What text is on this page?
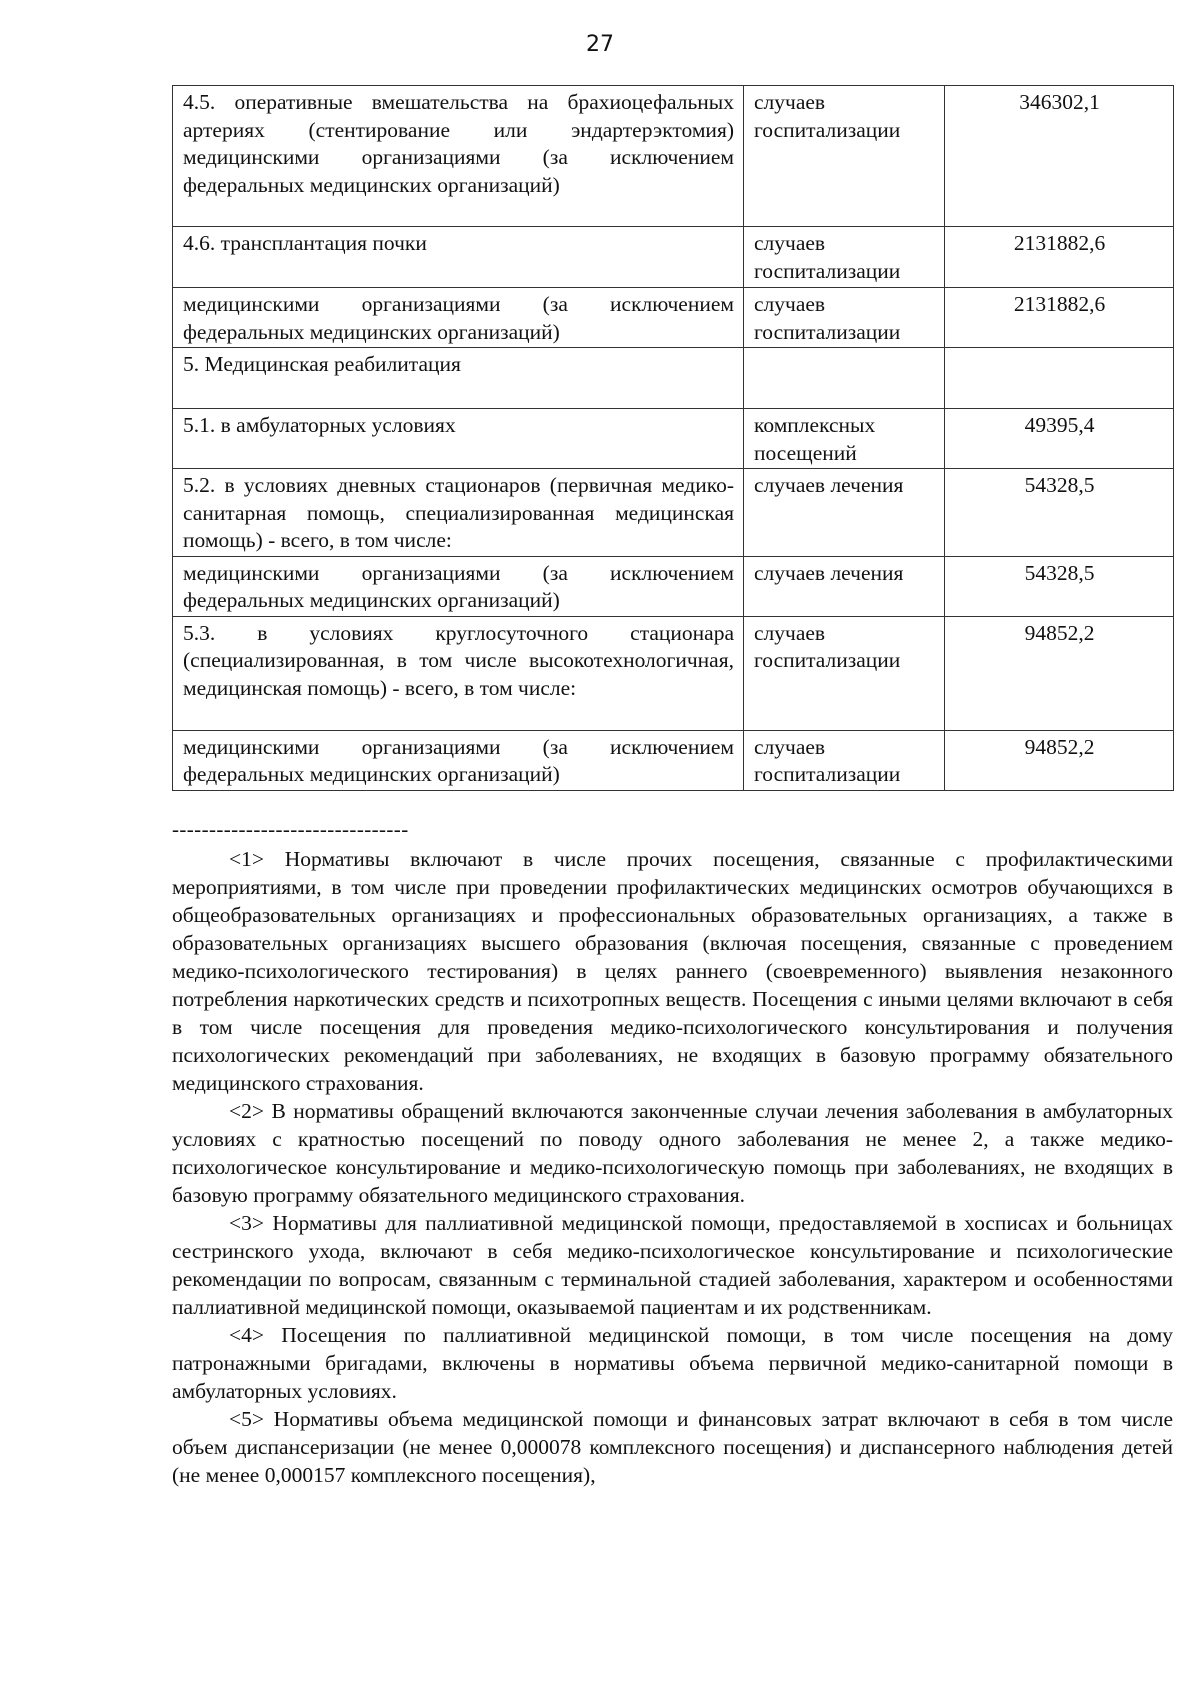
27
4.5. оперативные вмешательства на брахиоцефальных артериях (стентирование или эндартерэктомия) медицинскими организациями (за исключением федеральных медицинских организаций)	случаев госпитализации	346302,1
4.6. трансплантация почки	случаев госпитализации	2131882,6
медицинскими организациями (за исключением федеральных медицинских организаций)	случаев госпитализации	2131882,6
5. Медицинская реабилитация		
5.1. в амбулаторных условиях	комплексных посещений	49395,4
5.2. в условиях дневных стационаров (первичная медико-санитарная помощь, специализированная медицинская помощь) - всего, в том числе:	случаев лечения	54328,5
медицинскими организациями (за исключением федеральных медицинских организаций)	случаев лечения	54328,5
5.3. в условиях круглосуточного стационара (специализированная, в том числе высокотехнологичная, медицинская помощь) - всего, в том числе:	случаев госпитализации	94852,2
медицинскими организациями (за исключением федеральных медицинских организаций)	случаев госпитализации	94852,2
--------------------------------

<1> Нормативы включают в числе прочих посещения, связанные с профилактическими мероприятиями, в том числе при проведении профилактических медицинских осмотров обучающихся в общеобразовательных организациях и профессиональных образовательных организациях, а также в образовательных организациях высшего образования (включая посещения, связанные с проведением медико-психологического тестирования) в целях раннего (своевременного) выявления незаконного потребления наркотических средств и психотропных веществ. Посещения с иными целями включают в себя в том числе посещения для проведения медико-психологического консультирования и получения психологических рекомендаций при заболеваниях, не входящих в базовую программу обязательного медицинского страхования.

<2> В нормативы обращений включаются законченные случаи лечения заболевания в амбулаторных условиях с кратностью посещений по поводу одного заболевания не менее 2, а также медико-психологическое консультирование и медико-психологическую помощь при заболеваниях, не входящих в базовую программу обязательного медицинского страхования.

<3> Нормативы для паллиативной медицинской помощи, предоставляемой в хосписах и больницах сестринского ухода, включают в себя медико-психологическое консультирование и психологические рекомендации по вопросам, связанным с терминальной стадией заболевания, характером и особенностями паллиативной медицинской помощи, оказываемой пациентам и их родственникам.

<4> Посещения по паллиативной медицинской помощи, в том числе посещения на дому патронажными бригадами, включены в нормативы объема первичной медико-санитарной помощи в амбулаторных условиях.

<5> Нормативы объема медицинской помощи и финансовых затрат включают в себя в том числе объем диспансеризации (не менее 0,000078 комплексного посещения) и диспансерного наблюдения детей (не менее 0,000157 комплексного посещения),
